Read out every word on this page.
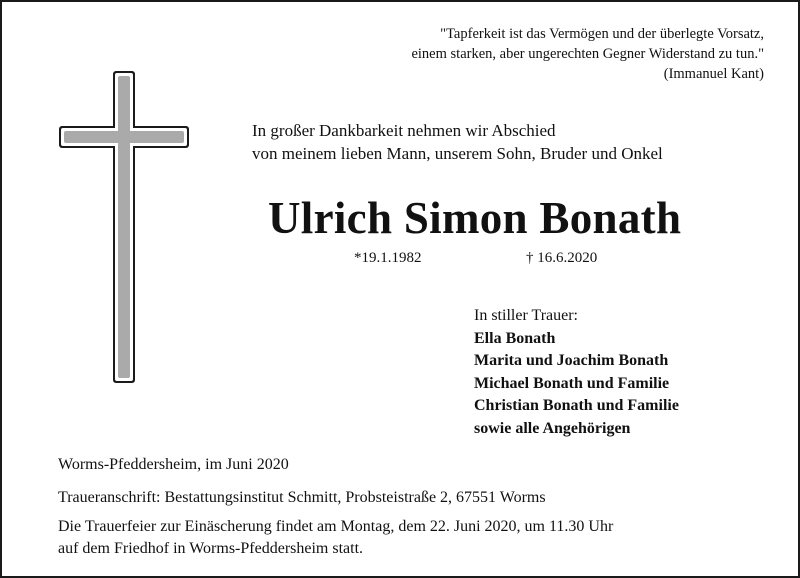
"Tapferkeit ist das Vermögen und der überlegte Vorsatz,
einem starken, aber ungerechten Gegner Widerstand zu tun."
(Immanuel Kant)
In großer Dankbarkeit nehmen wir Abschied
von meinem lieben Mann, unserem Sohn, Bruder und Onkel
Ulrich Simon Bonath
*19.1.1982	† 16.6.2020
In stiller Trauer:
Ella Bonath
Marita und Joachim Bonath
Michael Bonath und Familie
Christian Bonath und Familie
sowie alle Angehörigen
Worms-Pfeddersheim, im Juni 2020
Traueranschrift: Bestattungsinstitut Schmitt, Probsteistraße 2, 67551 Worms
Die Trauerfeier zur Einäscherung findet am Montag, dem 22. Juni 2020, um 11.30 Uhr
auf dem Friedhof in Worms-Pfeddersheim statt.
